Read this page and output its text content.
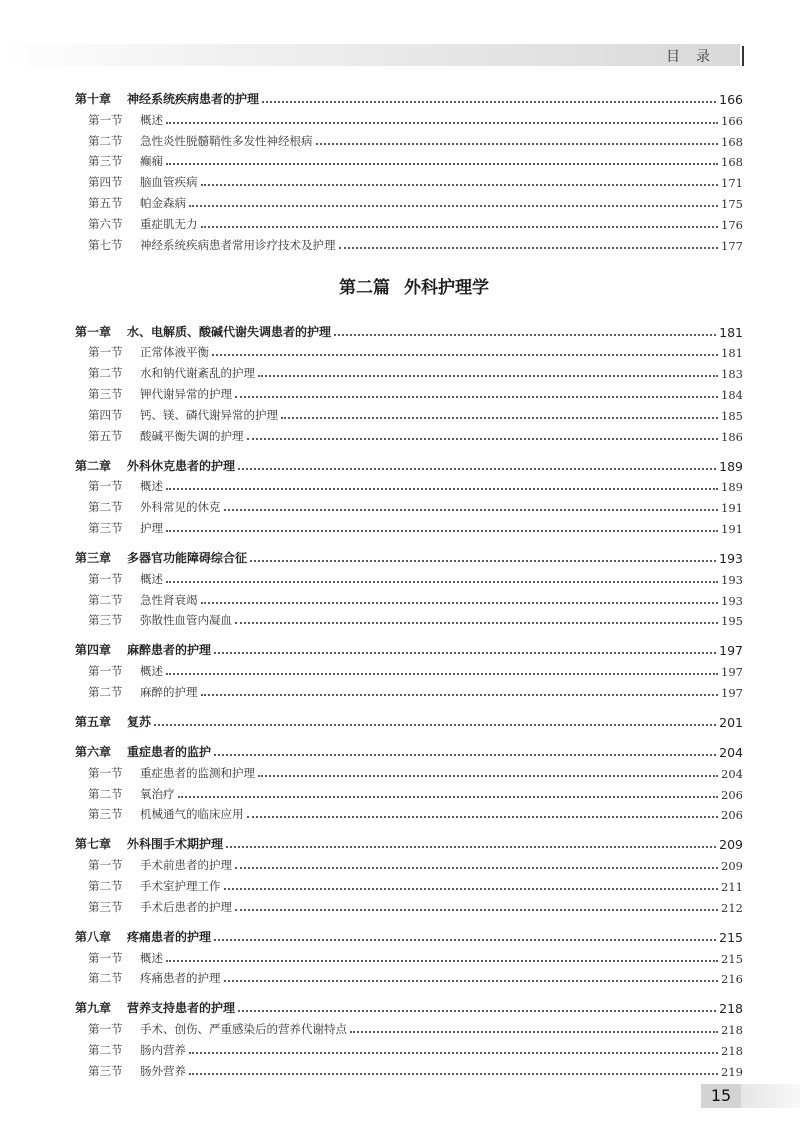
目录
第十章	神经系统疾病患者的护理	166
第一节	概述	166
第二节	急性炎性脱髓鞘性多发性神经根病	168
第三节	癫痫	168
第四节	脑血管疾病	171
第五节	帕金森病	175
第六节	重症肌无力	176
第七节	神经系统疾病患者常用诊疗技术及护理	177
第二篇 外科护理学
第一章	水、电解质、酸碱代谢失调患者的护理	181
第一节	正常体液平衡	181
第二节	水和钠代谢紊乱的护理	183
第三节	钾代谢异常的护理	184
第四节	钙、镁、磷代谢异常的护理	185
第五节	酸碱平衡失调的护理	186
第二章	外科休克患者的护理	189
第一节	概述	189
第二节	外科常见的休克	191
第三节	护理	191
第三章	多器官功能障碍综合征	193
第一节	概述	193
第二节	急性肾衰竭	193
第三节	弥散性血管内凝血	195
第四章	麻醉患者的护理	197
第一节	概述	197
第二节	麻醉的护理	197
第五章	复苏	201
第六章	重症患者的监护	204
第一节	重症患者的监测和护理	204
第二节	氧治疗	206
第三节	机械通气的临床应用	206
第七章	外科围手术期护理	209
第一节	手术前患者的护理	209
第二节	手术室护理工作	211
第三节	手术后患者的护理	212
第八章	疼痛患者的护理	215
第一节	概述	215
第二节	疼痛患者的护理	216
第九章	营养支持患者的护理	218
第一节	手术、创伤、严重感染后的营养代谢特点	218
第二节	肠内营养	218
第三节	肠外营养	219
15
